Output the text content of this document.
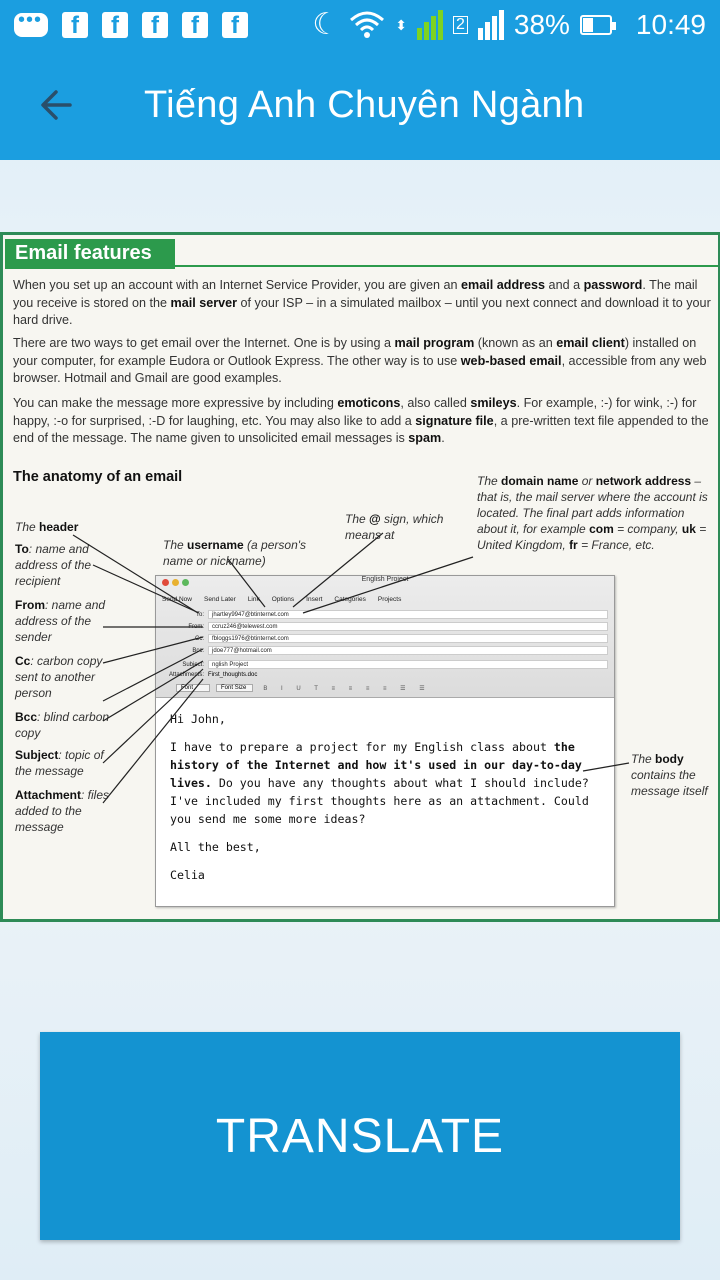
•••
f	f	f	f	f	☾	⬍	2 38% 10:49
Tiếng Anh Chuyên Ngành
Email features
When you set up an account with an Internet Service Provider, you are given an email address and a password. The mail you receive is stored on the mail server of your ISP – in a simulated mailbox – until you next connect and download it to your hard drive.
There are two ways to get email over the Internet. One is by using a mail program (known as an email client) installed on your computer, for example Eudora or Outlook Express. The other way is to use web-based email, accessible from any web browser. Hotmail and Gmail are good examples.
You can make the message more expressive by including emoticons, also called smileys. For example, :-) for wink, :-) for happy, :-o for surprised, :-D for laughing, etc. You may also like to add a signature file, a pre-written text file appended to the end of the message. The name given to unsolicited email messages is spam.
The anatomy of an email
The header
To: name and address of the recipient
From: name and address of the sender
Cc: carbon copy sent to another person
Bcc: blind carbon copy
Subject: topic of the message
Attachment: files added to the message
The username (a person's name or nickname)
The @ sign, which means at
The domain name or network address – that is, the mail server where the account is located. The final part adds information about it, for example com = company, uk = United Kingdom, fr = France, etc.
The body contains the message itself
English Project
Send Now Send Later Link Options Insert Categories Projects
To:	jhartley9947@btinternet.com
From:	ccruz246@telewest.com
Cc:	fbloggs1976@btinternet.com
Bcc:	jdoe777@hotmail.com
Subject:	nglish Project
Attachments: First_thoughts.doc
Font	Font Size	B I U T ≡ ≡ ≡ ≡ ☰ ☰

Hi John,

I have to prepare a project for my English class about the history of the Internet and how it's used in our day-to-day lives. Do you have any thoughts about what I should include? I've included my first thoughts here as an attachment. Could you send me some more ideas?

All the best,

Celia

TRANSLATE
